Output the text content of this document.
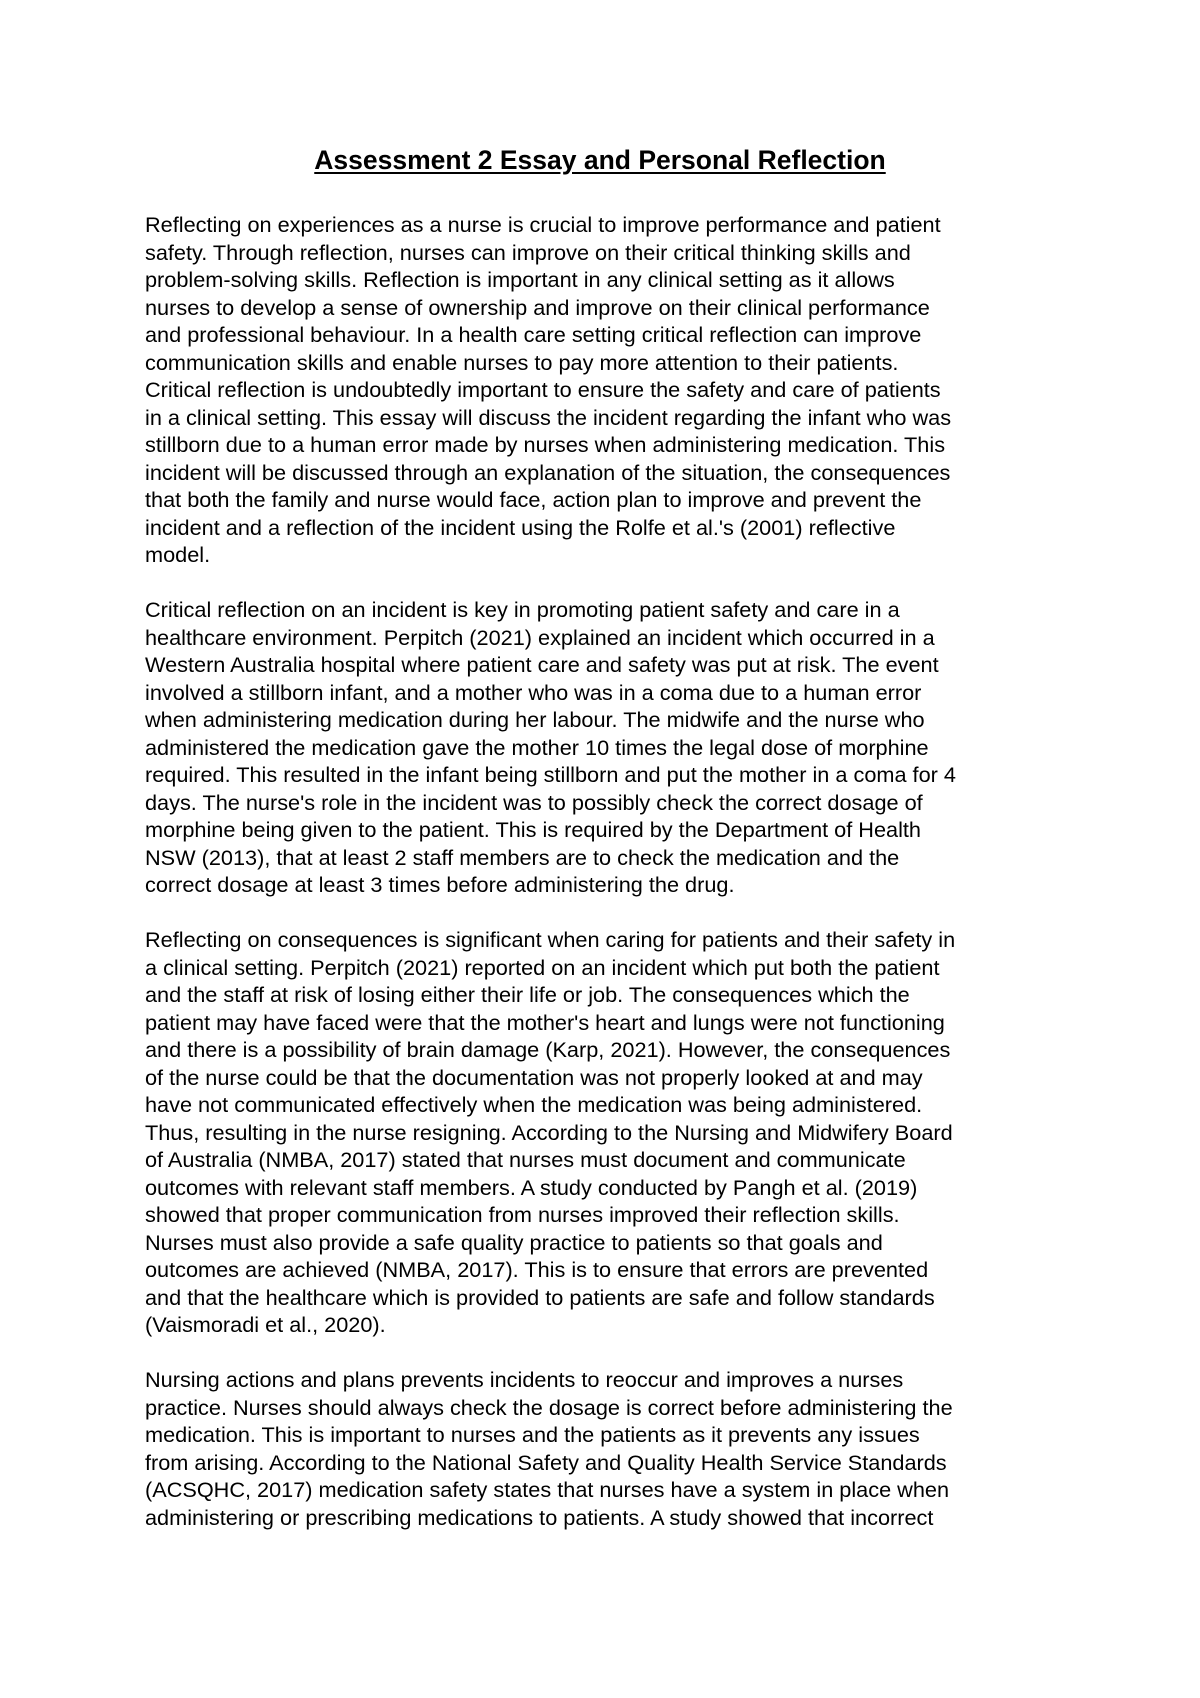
Assessment 2 Essay and Personal Reflection

Reflecting on experiences as a nurse is crucial to improve performance and patient
safety. Through reflection, nurses can improve on their critical thinking skills and
problem-solving skills. Reflection is important in any clinical setting as it allows
nurses to develop a sense of ownership and improve on their clinical performance
and professional behaviour. In a health care setting critical reflection can improve
communication skills and enable nurses to pay more attention to their patients.
Critical reflection is undoubtedly important to ensure the safety and care of patients
in a clinical setting. This essay will discuss the incident regarding the infant who was
stillborn due to a human error made by nurses when administering medication. This
incident will be discussed through an explanation of the situation, the consequences
that both the family and nurse would face, action plan to improve and prevent the
incident and a reflection of the incident using the Rolfe et al.'s (2001) reflective
model.

Critical reflection on an incident is key in promoting patient safety and care in a
healthcare environment. Perpitch (2021) explained an incident which occurred in a
Western Australia hospital where patient care and safety was put at risk. The event
involved a stillborn infant, and a mother who was in a coma due to a human error
when administering medication during her labour. The midwife and the nurse who
administered the medication gave the mother 10 times the legal dose of morphine
required. This resulted in the infant being stillborn and put the mother in a coma for 4
days. The nurse's role in the incident was to possibly check the correct dosage of
morphine being given to the patient. This is required by the Department of Health
NSW (2013), that at least 2 staff members are to check the medication and the
correct dosage at least 3 times before administering the drug.

Reflecting on consequences is significant when caring for patients and their safety in
a clinical setting. Perpitch (2021) reported on an incident which put both the patient
and the staff at risk of losing either their life or job. The consequences which the
patient may have faced were that the mother's heart and lungs were not functioning
and there is a possibility of brain damage (Karp, 2021). However, the consequences
of the nurse could be that the documentation was not properly looked at and may
have not communicated effectively when the medication was being administered.
Thus, resulting in the nurse resigning. According to the Nursing and Midwifery Board
of Australia (NMBA, 2017) stated that nurses must document and communicate
outcomes with relevant staff members. A study conducted by Pangh et al. (2019)
showed that proper communication from nurses improved their reflection skills.
Nurses must also provide a safe quality practice to patients so that goals and
outcomes are achieved (NMBA, 2017). This is to ensure that errors are prevented
and that the healthcare which is provided to patients are safe and follow standards
(Vaismoradi et al., 2020).

Nursing actions and plans prevents incidents to reoccur and improves a nurses
practice. Nurses should always check the dosage is correct before administering the
medication. This is important to nurses and the patients as it prevents any issues
from arising. According to the National Safety and Quality Health Service Standards
(ACSQHC, 2017) medication safety states that nurses have a system in place when
administering or prescribing medications to patients. A study showed that incorrect
